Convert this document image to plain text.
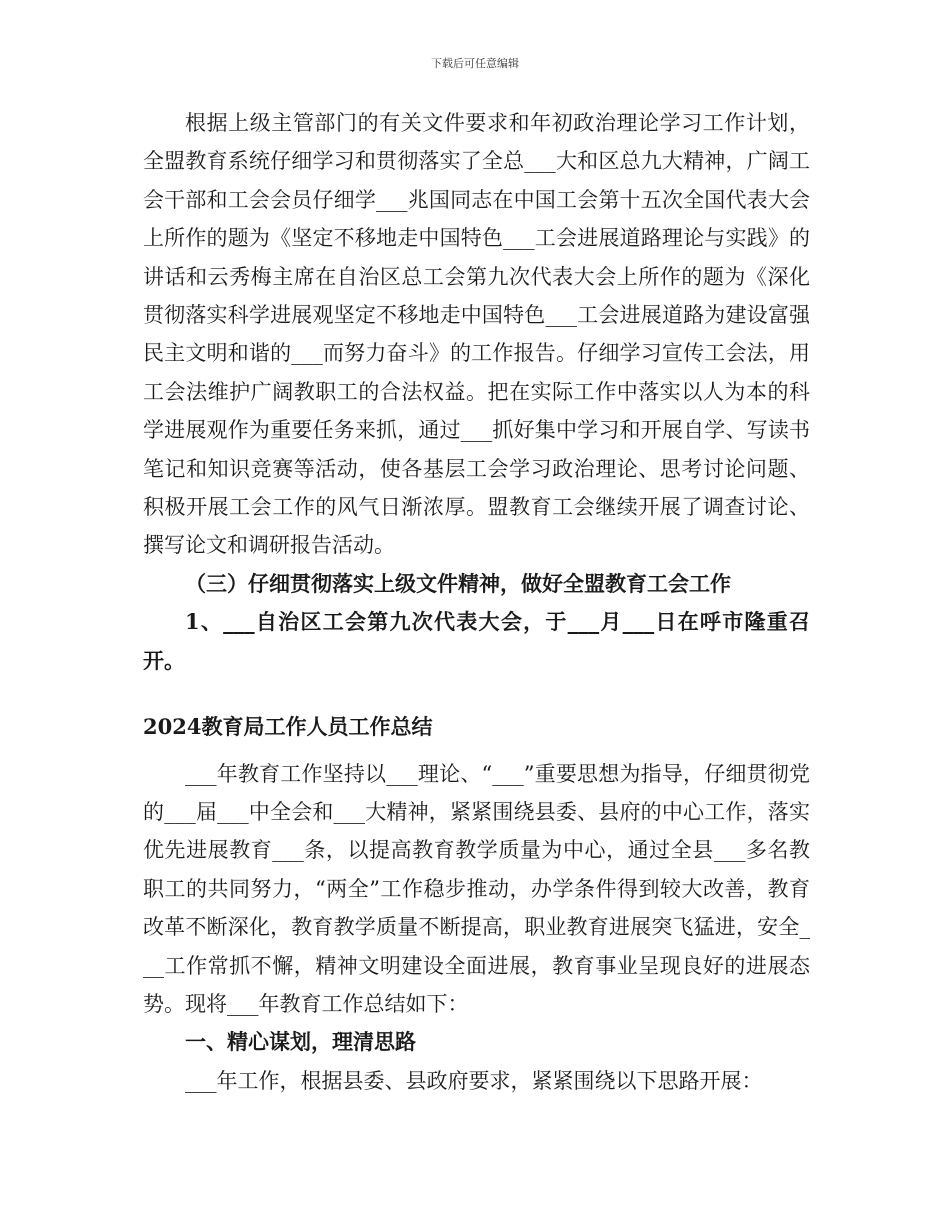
下载后可任意编辑

根据上级主管部门的有关文件要求和年初政治理论学习工作计划，全盟教育系统仔细学习和贯彻落实了全总___大和区总九大精神，广阔工会干部和工会会员仔细学___兆国同志在中国工会第十五次全国代表大会上所作的题为《坚定不移地走中国特色___工会进展道路理论与实践》的讲话和云秀梅主席在自治区总工会第九次代表大会上所作的题为《深化贯彻落实科学进展观坚定不移地走中国特色___工会进展道路为建设富强民主文明和谐的___而努力奋斗》的工作报告。仔细学习宣传工会法，用工会法维护广阔教职工的合法权益。把在实际工作中落实以人为本的科学进展观作为重要任务来抓，通过___抓好集中学习和开展自学、写读书笔记和知识竞赛等活动，使各基层工会学习政治理论、思考讨论问题、积极开展工会工作的风气日渐浓厚。盟教育工会继续开展了调查讨论、撰写论文和调研报告活动。

（三）仔细贯彻落实上级文件精神，做好全盟教育工会工作

1、___自治区工会第九次代表大会，于___月___日在呼市隆重召开。

2024教育局工作人员工作总结

___年教育工作坚持以___理论、“___”重要思想为指导，仔细贯彻党的___届___中全会和___大精神，紧紧围绕县委、县府的中心工作，落实优先进展教育___条，以提高教育教学质量为中心，通过全县___多名教职工的共同努力，“两全”工作稳步推动，办学条件得到较大改善，教育改革不断深化，教育教学质量不断提高，职业教育进展突飞猛进，安全___工作常抓不懈，精神文明建设全面进展，教育事业呈现良好的进展态势。现将___年教育工作总结如下：

一、精心谋划，理清思路

___年工作，根据县委、县政府要求，紧紧围绕以下思路开展：
